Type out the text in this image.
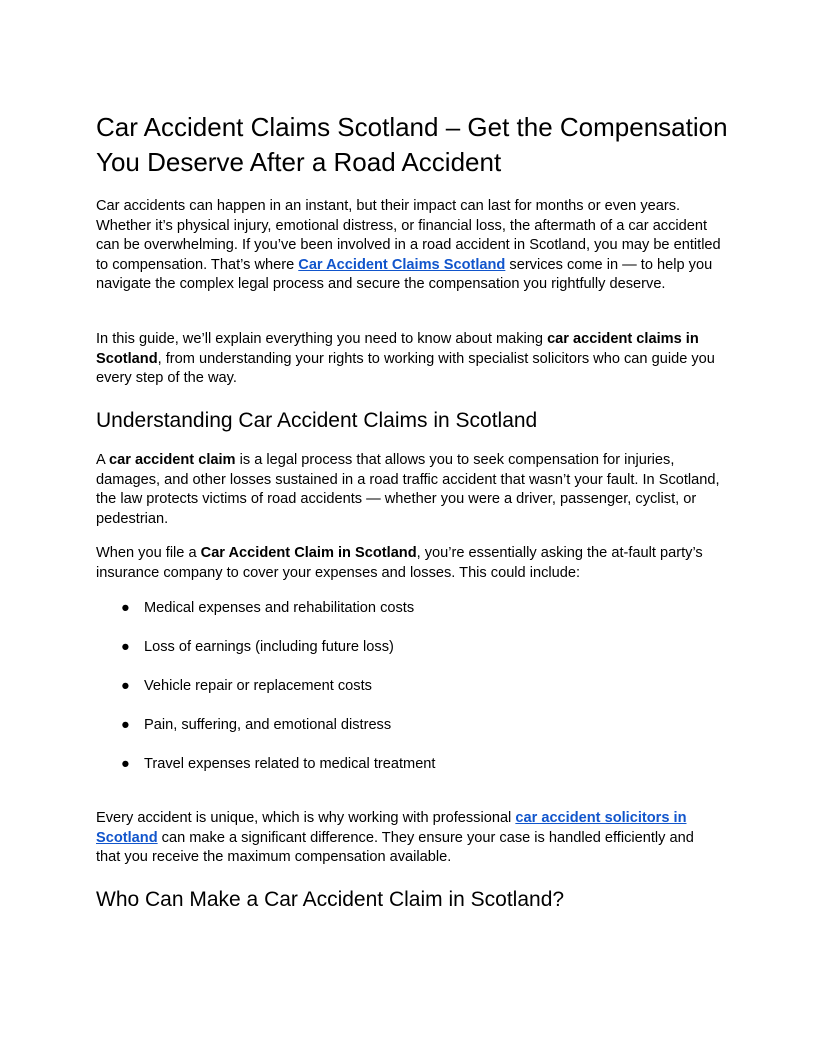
Car Accident Claims Scotland – Get the Compensation You Deserve After a Road Accident

Car accidents can happen in an instant, but their impact can last for months or even years. Whether it’s physical injury, emotional distress, or financial loss, the aftermath of a car accident can be overwhelming. If you’ve been involved in a road accident in Scotland, you may be entitled to compensation. That’s where Car Accident Claims Scotland services come in — to help you navigate the complex legal process and secure the compensation you rightfully deserve.

In this guide, we’ll explain everything you need to know about making car accident claims in Scotland, from understanding your rights to working with specialist solicitors who can guide you every step of the way.

Understanding Car Accident Claims in Scotland

A car accident claim is a legal process that allows you to seek compensation for injuries, damages, and other losses sustained in a road traffic accident that wasn’t your fault. In Scotland, the law protects victims of road accidents — whether you were a driver, passenger, cyclist, or pedestrian.

When you file a Car Accident Claim in Scotland, you’re essentially asking the at-fault party’s insurance company to cover your expenses and losses. This could include:

● Medical expenses and rehabilitation costs
● Loss of earnings (including future loss)
● Vehicle repair or replacement costs
● Pain, suffering, and emotional distress
● Travel expenses related to medical treatment

Every accident is unique, which is why working with professional car accident solicitors in Scotland can make a significant difference. They ensure your case is handled efficiently and that you receive the maximum compensation available.

Who Can Make a Car Accident Claim in Scotland?
